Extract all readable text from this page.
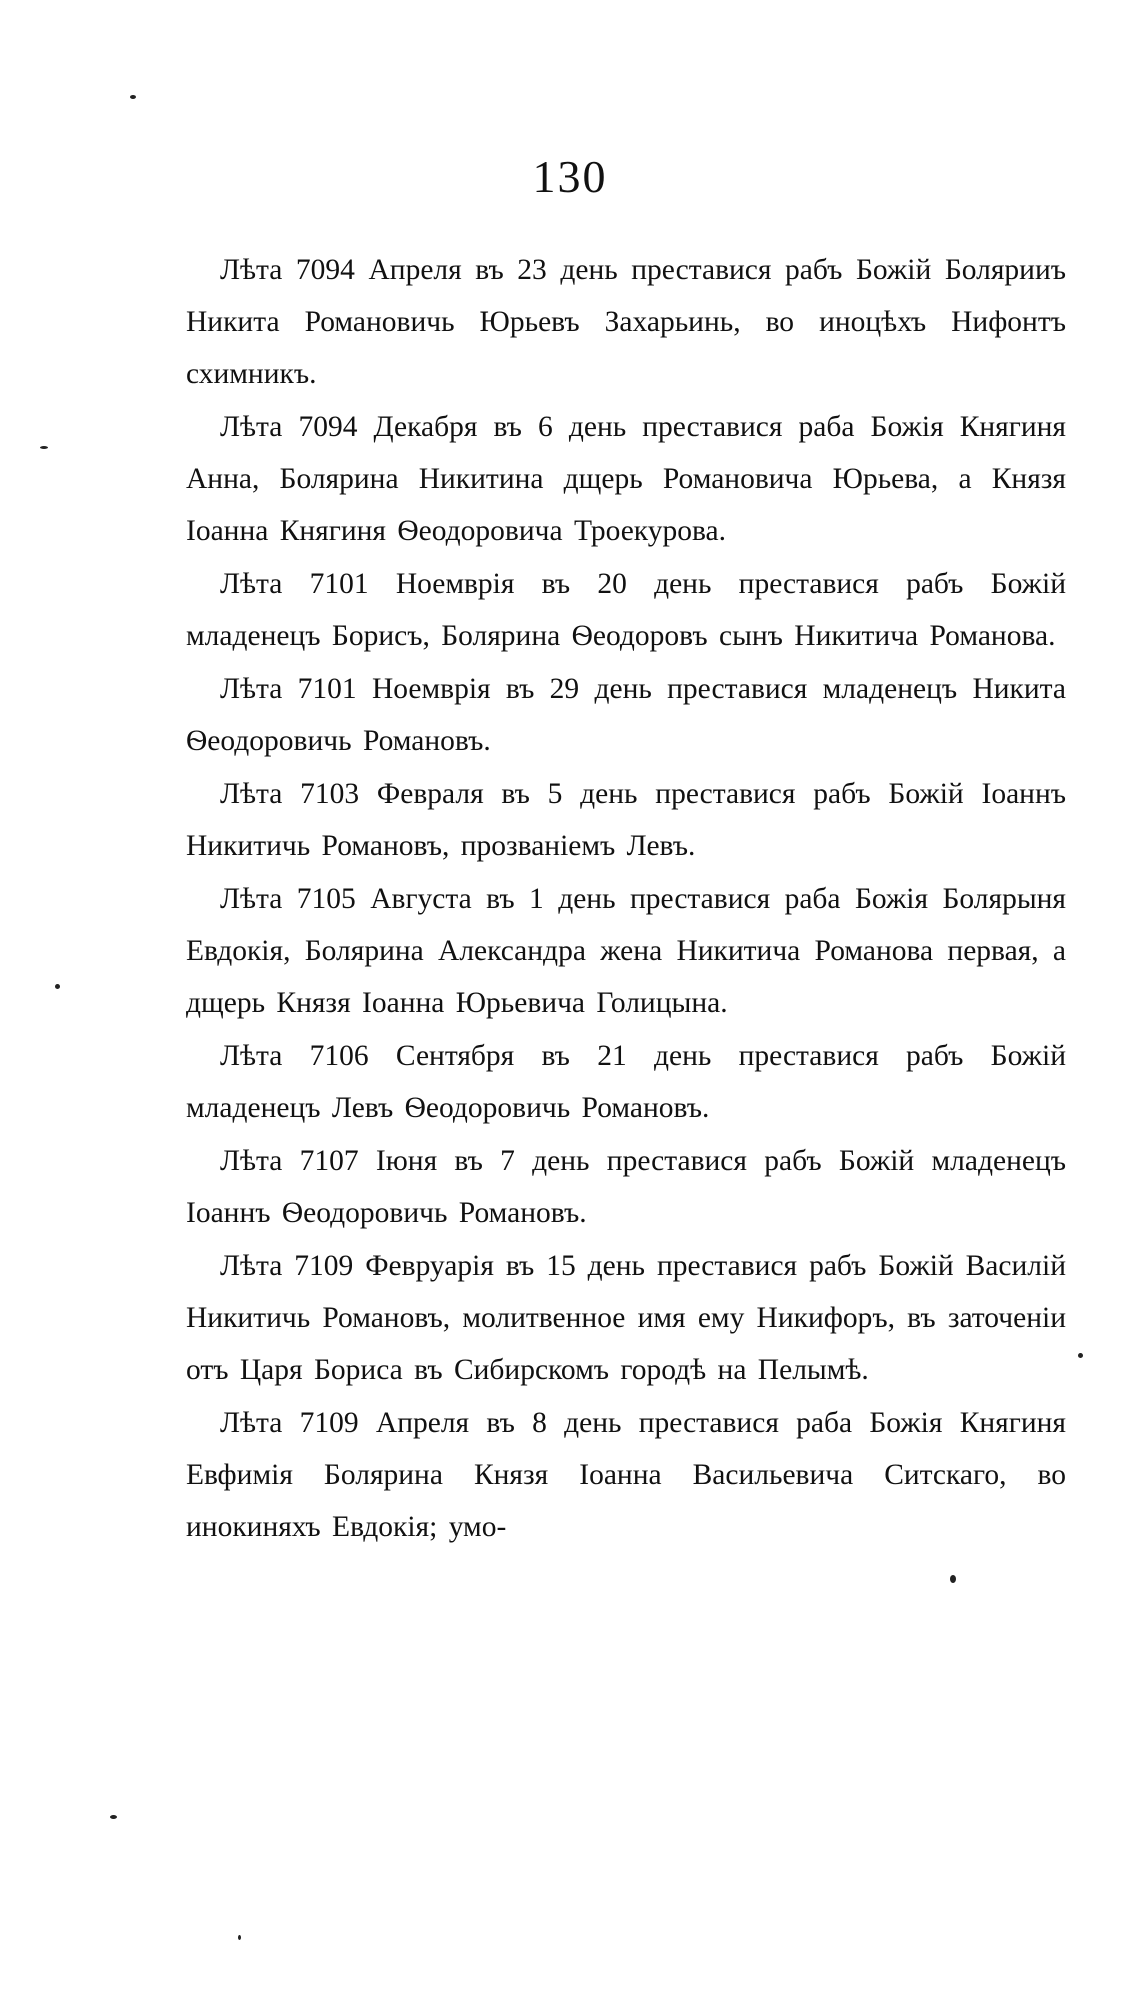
130

Лѣта 7094 Апреля въ 23 день преставися рабъ Божiй Болярииъ Никита Романовичь Юрьевъ Захарьинь, во иноцѣхъ Нифонтъ схимникъ.

Лѣта 7094 Декабря въ 6 день преставися раба Божiя Княгиня Анна, Болярина Никитина дщерь Романовича Юрьева, а Князя Iоанна Княгиня Ѳеодоровича Троекурова.

Лѣта 7101 Ноемврiя въ 20 день преставися рабъ Божiй младенецъ Борисъ, Болярина Ѳеодоровъ сынъ Никитича Романова.

Лѣта 7101 Ноемврiя въ 29 день преставися младенецъ Никита Ѳеодоровичь Романовъ.

Лѣта 7103 Февраля въ 5 день преставися рабъ Божiй Iоаннъ Никитичь Романовъ, прозванiемъ Левъ.

Лѣта 7105 Августа въ 1 день преставися раба Божiя Болярыня Евдокiя, Болярина Александра жена Никитича Романова первая, а дщерь Князя Iоанна Юрьевича Голицына.

Лѣта 7106 Сентября въ 21 день преставися рабъ Божiй младенецъ Левъ Ѳеодоровичь Романовъ.

Лѣта 7107 Iюня въ 7 день преставися рабъ Божiй младенецъ Iоаннъ Ѳеодоровичь Романовъ.

Лѣта 7109 Февруарiя въ 15 день преставися рабъ Божiй Василiй Никитичь Романовъ, молитвенное имя ему Никифоръ, въ заточенiи отъ Царя Бориса въ Сибирскомъ городѣ на Пелымѣ.

Лѣта 7109 Апреля въ 8 день преставися раба Божiя Княгиня Евфимiя Болярина Князя Iоанна Васильевича Ситскаго, во инокиняхъ Евдокiя; умо-
